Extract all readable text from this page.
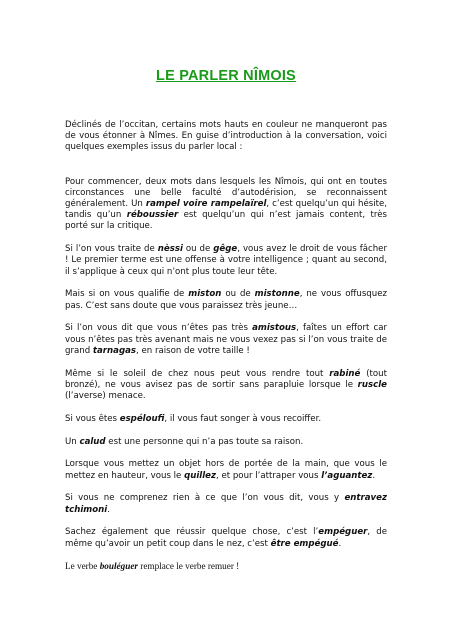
LE PARLER NÎMOIS

Déclinés de l’occitan, certains mots hauts en couleur ne manqueront pas de vous étonner à Nîmes. En guise d’introduction à la conversation, voici quelques exemples issus du parler local :

Pour commencer, deux mots dans lesquels les Nîmois, qui ont en toutes circonstances une belle faculté d’autodérision, se reconnaissent généralement. Un rampel voire rampelaïrel, c’est quelqu’un qui hésite, tandis qu’un réboussier est quelqu’un qui n’est jamais content, très porté sur la critique.

Si l’on vous traite de nèssi ou de gêge, vous avez le droit de vous fâcher ! Le premier terme est une offense à votre intelligence ; quant au second, il s’applique à ceux qui n’ont plus toute leur tête.

Mais si on vous qualifie de miston ou de mistonne, ne vous offusquez pas. C’est sans doute que vous paraissez très jeune…

Si l’on vous dit que vous n’êtes pas très amistous, faîtes un effort car vous n’êtes pas très avenant mais ne vous vexez pas si l’on vous traite de grand tarnagas, en raison de votre taille !

Même si le soleil de chez nous peut vous rendre tout rabiné (tout bronzé), ne vous avisez pas de sortir sans parapluie lorsque le ruscle (l’averse) menace.

Si vous êtes espéloufi, il vous faut songer à vous recoiffer.

Un calud est une personne qui n’a pas toute sa raison.

Lorsque vous mettez un objet hors de portée de la main, que vous le mettez en hauteur, vous le quillez, et pour l’attraper vous l’aguantez.

Si vous ne comprenez rien à ce que l’on vous dit, vous y entravez tchimoni.

Sachez également que réussir quelque chose, c’est l’empéguer, de même qu’avoir un petit coup dans le nez, c’est être empégué.

Le verbe bouléguer remplace le verbe remuer !
